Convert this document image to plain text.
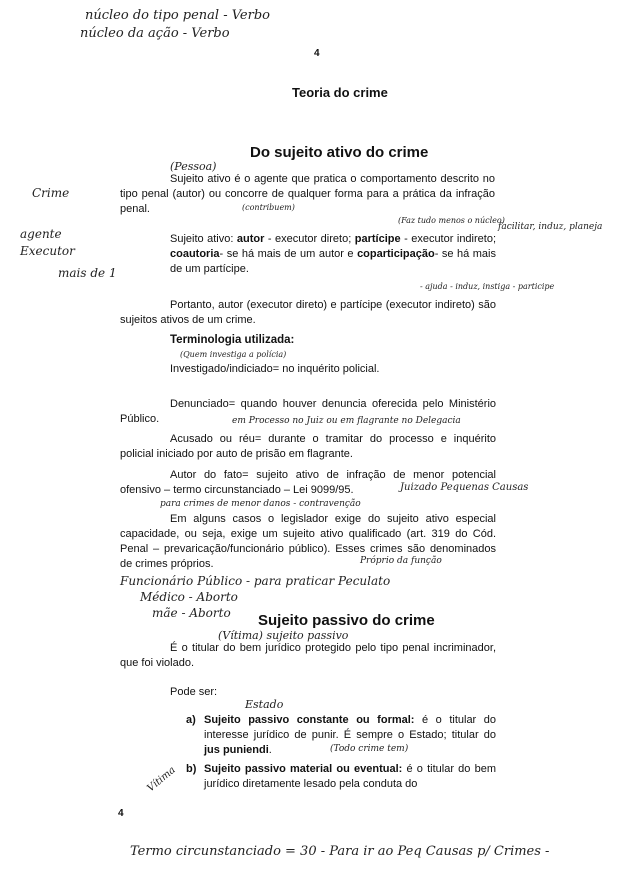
núcleo do tipo penal - Verbo
núcleo da ação - Verbo
4
Teoria do crime
Do sujeito ativo do crime
(Pessoa)
Crime
agente
Executor
mais de 1
Sujeito ativo é o agente que pratica o comportamento descrito no tipo penal (autor) ou concorre de qualquer forma para a prática da infração penal.	(contribuem)
(Faz tudo menos o núcleo)
facilitar, induz, planeja
Sujeito ativo: autor - executor direto; partícipe - executor indireto; coautoria- se há mais de um autor e coparticipação- se há mais de um partícipe.
- ajuda - induz, instiga - participe
Portanto, autor (executor direto) e partícipe (executor indireto) são sujeitos ativos de um crime.
Terminologia utilizada:
(Quem investiga a polícia)
Investigado/indiciado= no inquérito policial.
Denunciado= quando houver denuncia oferecida pelo Ministério Público.	em Processo no Juiz ou em flagrante no Delegacia
Acusado ou réu= durante o tramitar do processo e inquérito policial iniciado por auto de prisão em flagrante.
Autor do fato= sujeito ativo de infração de menor potencial ofensivo – termo circunstanciado – Lei 9099/95.	Juizado Pequenas Causas
para crimes de menor danos - contravenção
Em alguns casos o legislador exige do sujeito ativo especial capacidade, ou seja, exige um sujeito ativo qualificado (art. 319 do Cód. Penal – prevaricação/funcionário público). Esses crimes são denominados de crimes próprios.	Próprio da função
Funcionário Público - para praticar Peculato
Médico - Aborto
mãe - Aborto Sujeito passivo do crime
(Vítima) sujeito passivo
É o titular do bem jurídico protegido pelo tipo penal incriminador, que foi violado.
Pode ser:
Estado
a) Sujeito passivo constante ou formal: é o titular do interesse jurídico de punir. É sempre o Estado; titular do jus puniendi.	(Todo crime tem)
Vítima b) Sujeito passivo material ou eventual: é o titular do bem jurídico diretamente lesado pela conduta do
4
Termo circunstanciado = 30 - Para ir ao Peq Causas p/ Crimes -
